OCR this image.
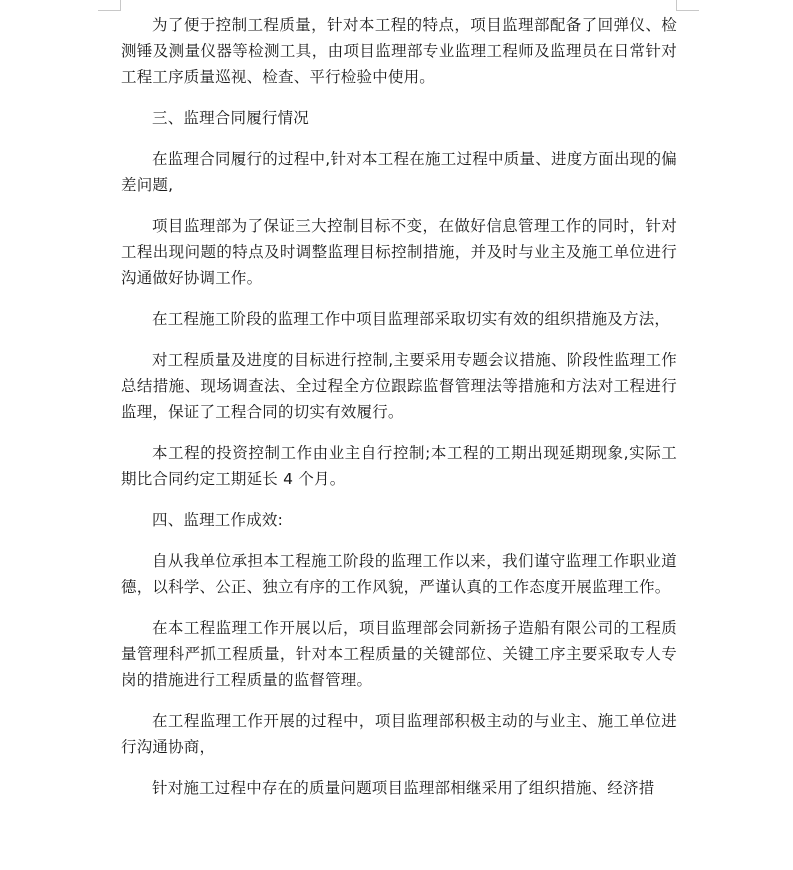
为了便于控制工程质量，针对本工程的特点，项目监理部配备了回弹仪、检测锤及测量仪器等检测工具，由项目监理部专业监理工程师及监理员在日常针对工程工序质量巡视、检查、平行检验中使用。

三、监理合同履行情况

在监理合同履行的过程中,针对本工程在施工过程中质量、进度方面出现的偏差问题,

项目监理部为了保证三大控制目标不变，在做好信息管理工作的同时，针对工程出现问题的特点及时调整监理目标控制措施，并及时与业主及施工单位进行沟通做好协调工作。

在工程施工阶段的监理工作中项目监理部采取切实有效的组织措施及方法，

对工程质量及进度的目标进行控制,主要采用专题会议措施、阶段性监理工作总结措施、现场调查法、全过程全方位跟踪监督管理法等措施和方法对工程进行监理，保证了工程合同的切实有效履行。

本工程的投资控制工作由业主自行控制;本工程的工期出现延期现象,实际工期比合同约定工期延长 4 个月。

四、监理工作成效:

自从我单位承担本工程施工阶段的监理工作以来，我们谨守监理工作职业道德，以科学、公正、独立有序的工作风貌，严谨认真的工作态度开展监理工作。

在本工程监理工作开展以后，项目监理部会同新扬子造船有限公司的工程质量管理科严抓工程质量，针对本工程质量的关键部位、关键工序主要采取专人专岗的措施进行工程质量的监督管理。

在工程监理工作开展的过程中，项目监理部积极主动的与业主、施工单位进行沟通协商，

针对施工过程中存在的质量问题项目监理部相继采用了组织措施、经济措
